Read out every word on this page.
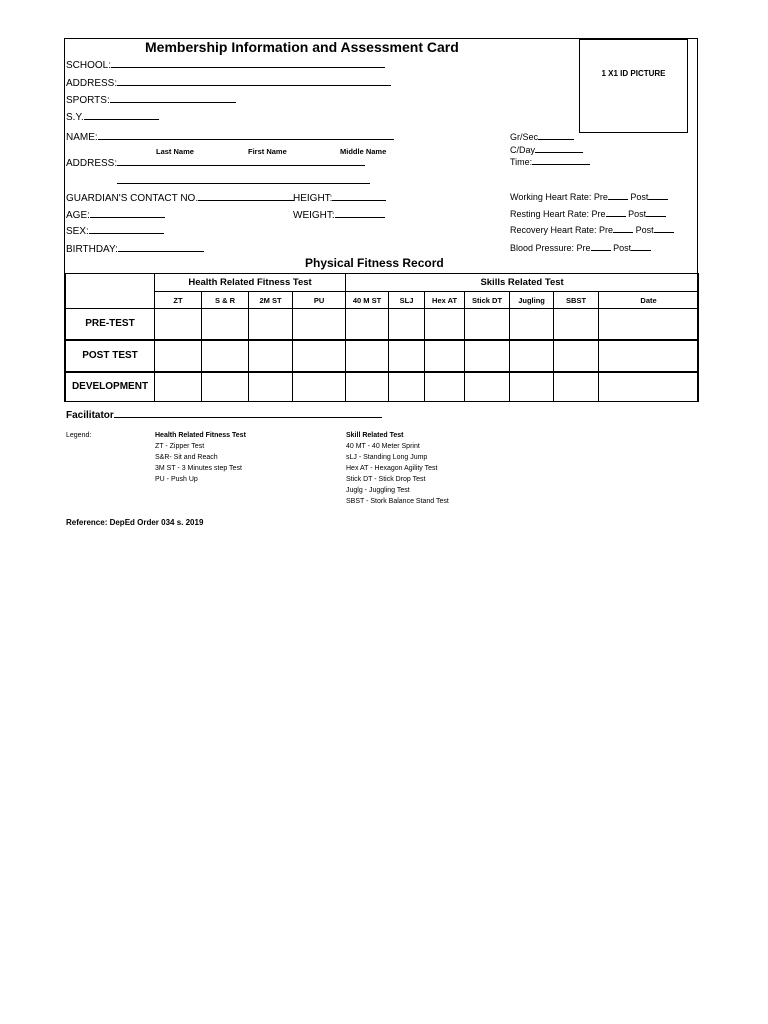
Membership Information and Assessment Card
1 X1 ID PICTURE
SCHOOL:
ADDRESS:
SPORTS:
S.Y.
NAME:
Last Name	First Name	Middle Name
ADDRESS:
GUARDIAN'S CONTACT NO.	HEIGHT:
AGE:	WEIGHT:
SEX:
BIRTHDAY:
Gr/Sec
C/Day
Time:
Working Heart Rate: Pre	Post
Resting Heart Rate: Pre	Post
Recovery Heart Rate: Pre	Post
Blood Pressure: Pre	Post
Physical Fitness Record
	Health Related Fitness Test				Skills Related Test						
	ZT	S & R	2M ST	PU	40 M ST	SLJ	Hex AT	Stick DT	Jugling	SBST	Date
PRE-TEST											
POST TEST											
DEVELOPMENT											
Facilitator
Legend:	Health Related Fitness Test
ZT - Zipper Test
S&R- Sit and Reach
3M ST - 3 Minutes step Test
PU - Push Up
Skill Related Test
40 MT - 40 Meter Sprint
sLJ - Standing Long Jump
Hex AT - Hexagon Agility Test
Stick DT - Stick Drop Test
Juglg - Juggling Test
SBST - Stork Balance Stand Test
Reference: DepEd Order 034 s. 2019
